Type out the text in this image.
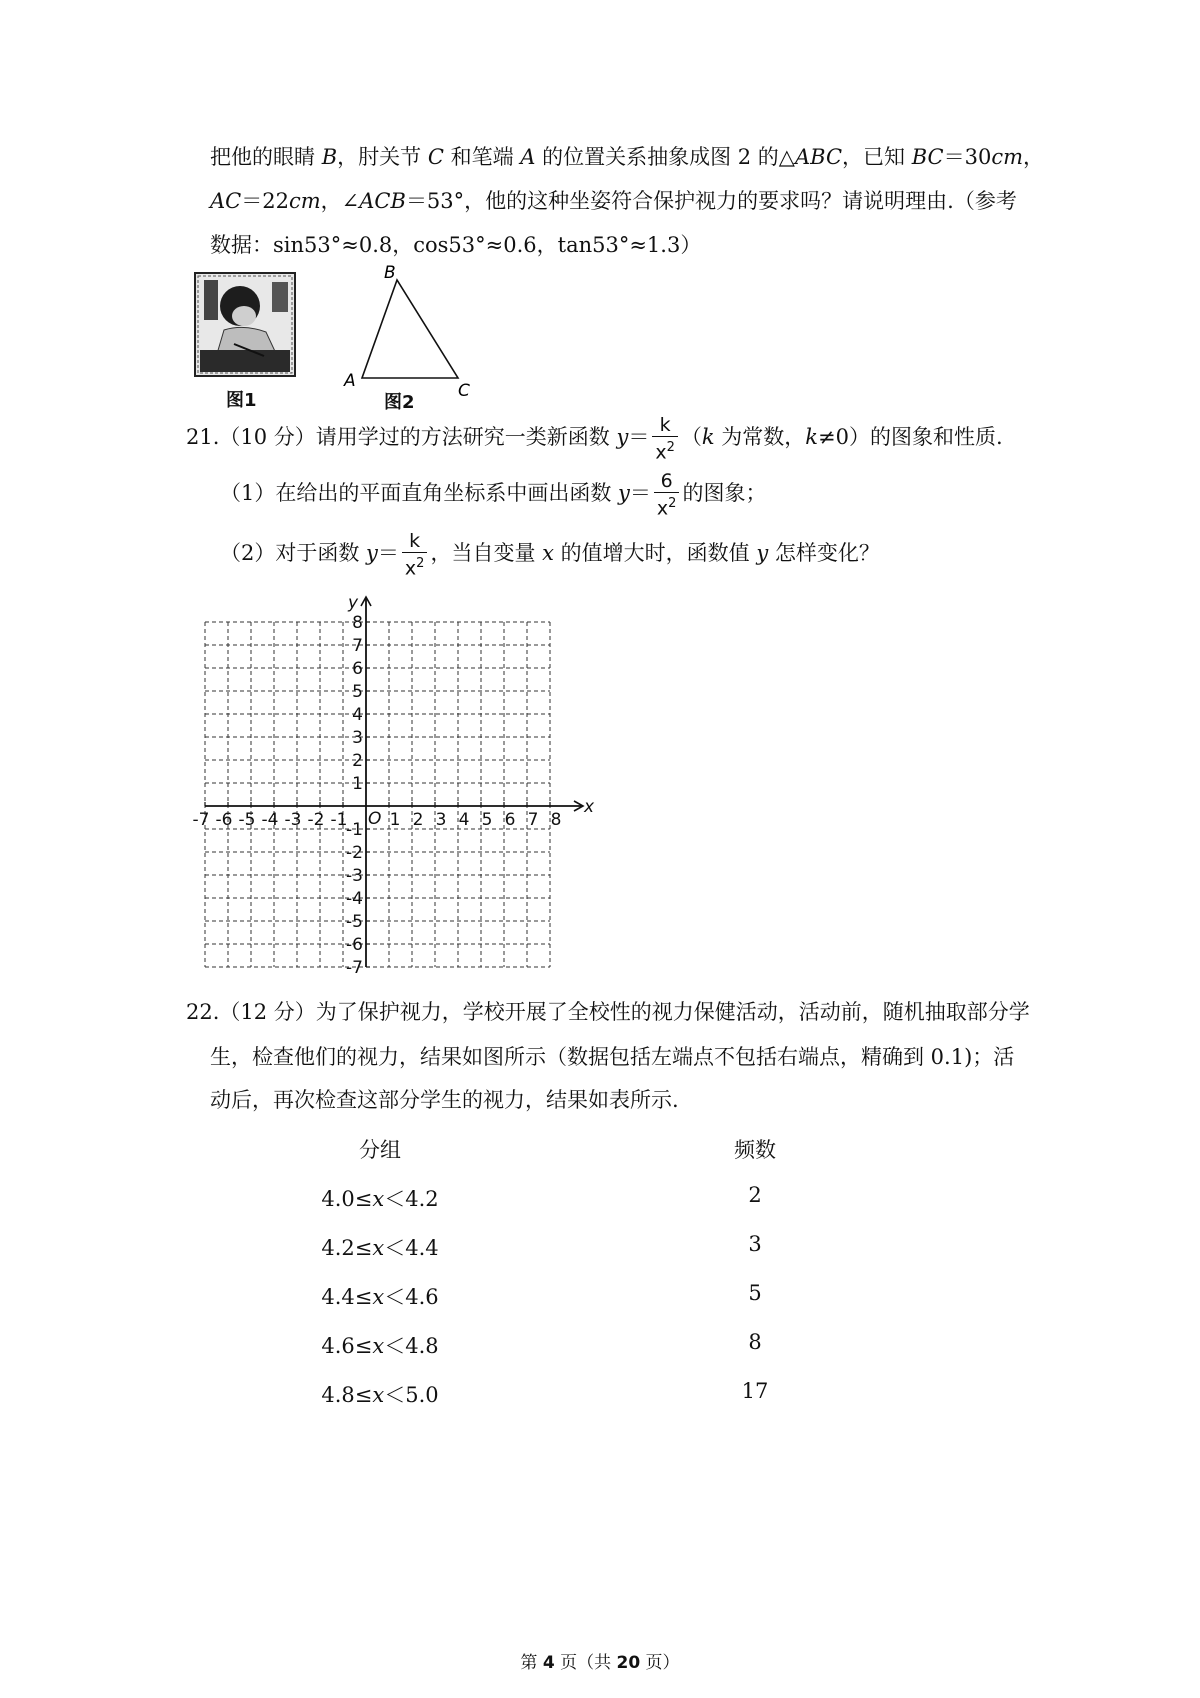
把他的眼睛 B，肘关节 C 和笔端 A 的位置关系抽象成图 2 的△ABC，已知 BC＝30cm，
AC＝22cm，∠ACB＝53°，他的这种坐姿符合保护视力的要求吗？请说明理由.（参考
数据：sin53°≈0.8，cos53°≈0.6，tan53°≈1.3）
图1
B
A	C
图2
21.（10 分）请用学过的方法研究一类新函数 $y= \frac{k}{x^2} (k$ 为常数，k≠0）的图象和性质.
（1）在给出的平面直角坐标系中画出函数 $y= \frac{6}{x^2}$ 的图象；
（2）对于函数 $y= \frac{k}{x^2}$ ，当自变量 x 的值增大时，函数值 y 怎样变化？
x
y
O
-7 -6 -5 -4 -3 -2 -1 1 2 3 4 5 6 7 8
8
7
6
5
4
3
2
1
-1
-2
-3
-4
-5
-6
-7
22.（12 分）为了保护视力，学校开展了全校性的视力保健活动，活动前，随机抽取部分学
生，检查他们的视力，结果如图所示（数据包括左端点不包括右端点，精确到 0.1)；活
动后，再次检查这部分学生的视力，结果如表所示.
分组	频数
4.0≤x＜4.2	2
4.2≤x＜4.4	3
4.4≤x＜4.6	5
4.6≤x＜4.8	8
4.8≤x＜5.0	17
第 4 页（共 20 页）
